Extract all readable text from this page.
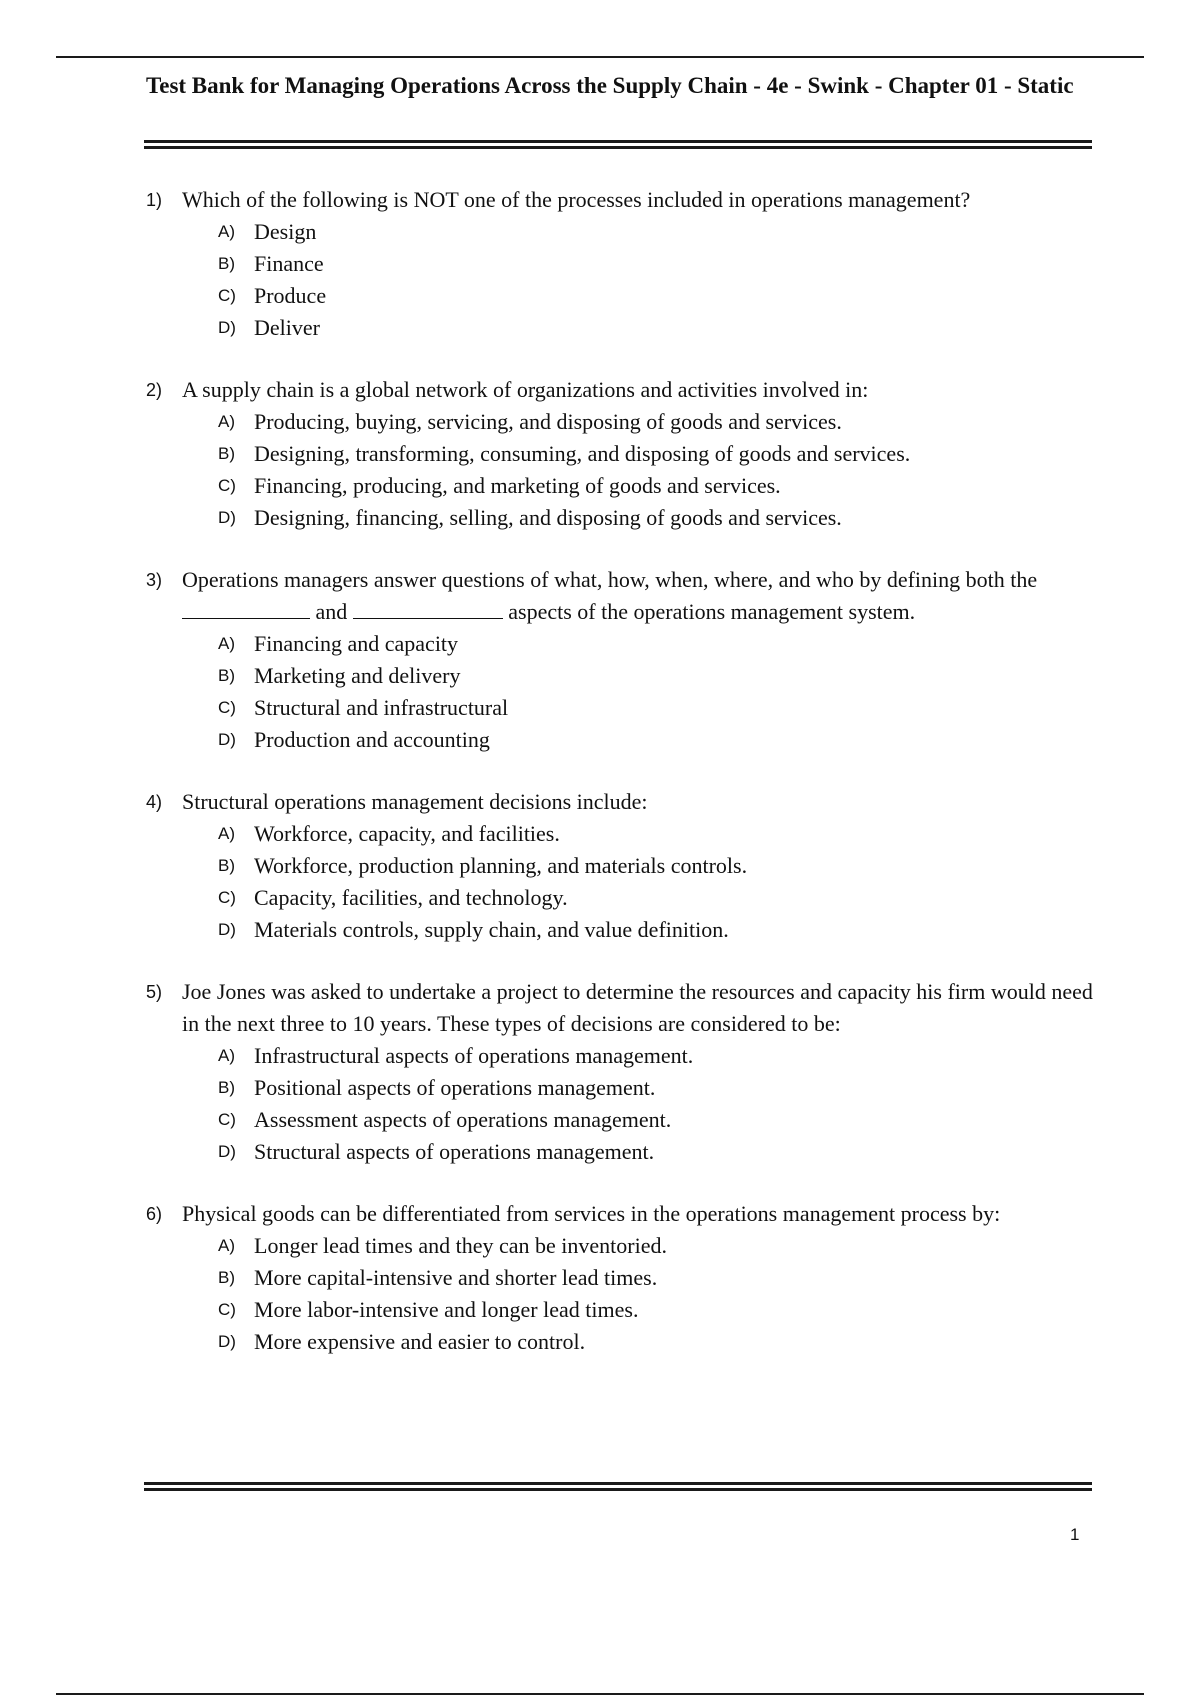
Test Bank for Managing Operations Across the Supply Chain - 4e - Swink - Chapter 01 - Static
1) Which of the following is NOT one of the processes included in operations management?
A) Design
B) Finance
C) Produce
D) Deliver
2) A supply chain is a global network of organizations and activities involved in:
A) Producing, buying, servicing, and disposing of goods and services.
B) Designing, transforming, consuming, and disposing of goods and services.
C) Financing, producing, and marketing of goods and services.
D) Designing, financing, selling, and disposing of goods and services.
3) Operations managers answer questions of what, how, when, where, and who by defining both the  and	aspects of the operations management system.
A) Financing and capacity
B) Marketing and delivery
C) Structural and infrastructural
D) Production and accounting
4) Structural operations management decisions include:
A) Workforce, capacity, and facilities.
B) Workforce, production planning, and materials controls.
C) Capacity, facilities, and technology.
D) Materials controls, supply chain, and value definition.
5) Joe Jones was asked to undertake a project to determine the resources and capacity his firm would need in the next three to 10 years. These types of decisions are considered to be:
A) Infrastructural aspects of operations management.
B) Positional aspects of operations management.
C) Assessment aspects of operations management.
D) Structural aspects of operations management.
6) Physical goods can be differentiated from services in the operations management process by:
A) Longer lead times and they can be inventoried.
B) More capital-intensive and shorter lead times.
C) More labor-intensive and longer lead times.
D) More expensive and easier to control.
1
